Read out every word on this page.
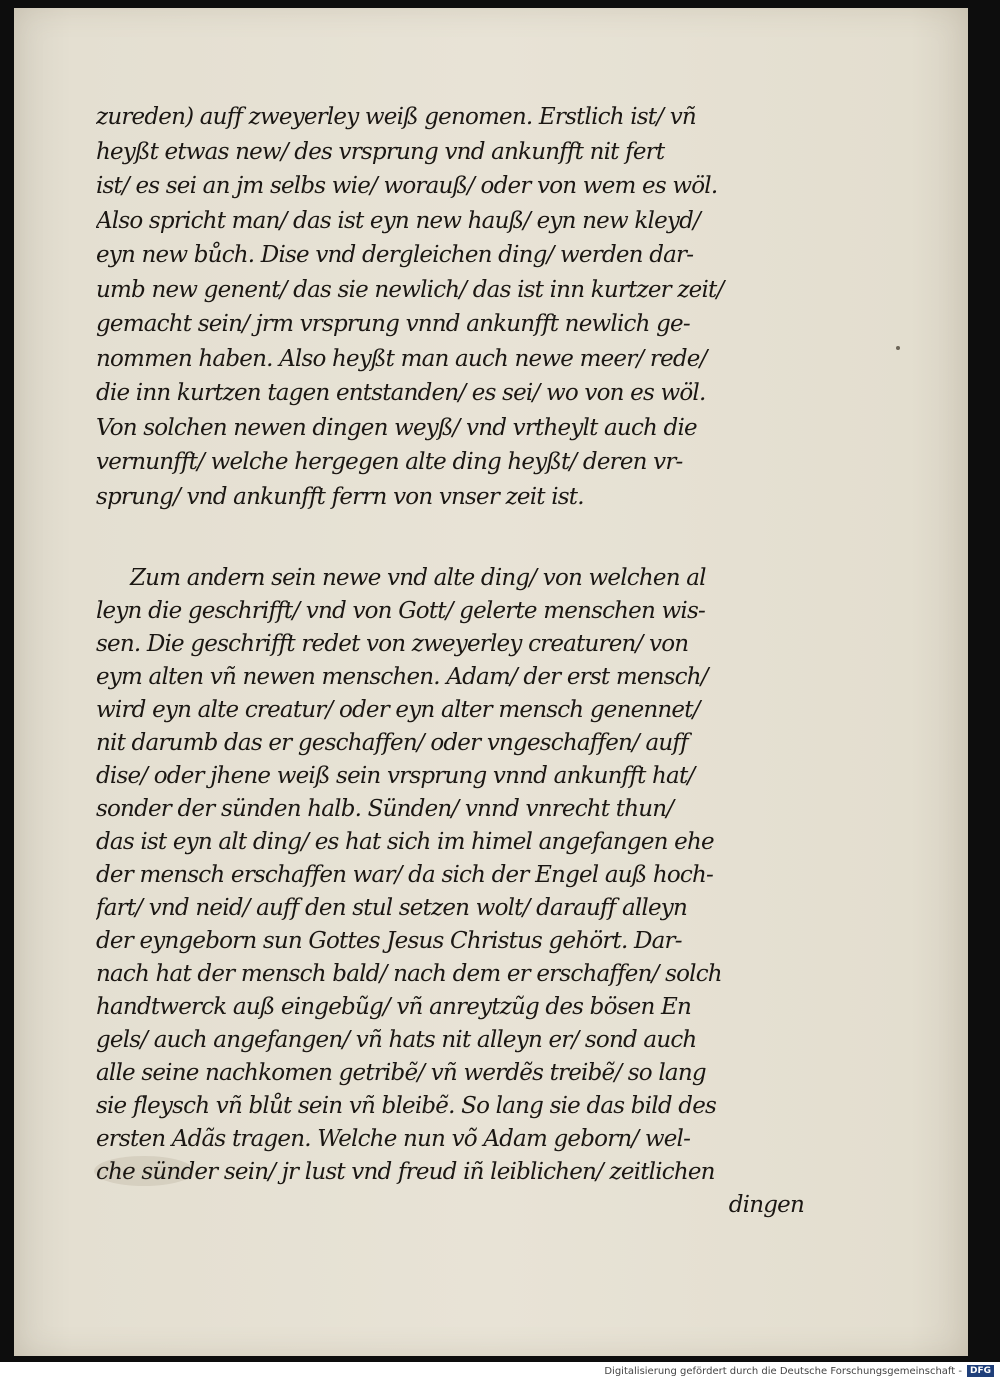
zureden) auff zweyerley weiß genomen. Erstlich ist/ vñ
heyßt etwas new/ des vrsprung vnd ankunfft nit fert
ist/ es sei an jm selbs wie/ worauß/ oder von wem es wöl.
Also spricht man/ das ist eyn new hauß/ eyn new kleyd/
eyn new bůch. Dise vnd dergleichen ding/ werden dar-
umb new genent/ das sie newlich/ das ist inn kurtzer zeit/
gemacht sein/ jrm vrsprung vnnd ankunfft newlich ge-
nommen haben. Also heyßt man auch newe meer/ rede/
die inn kurtzen tagen entstanden/ es sei/ wo von es wöl.
Von solchen newen dingen weyß/ vnd vrtheylt auch die
vernunfft/ welche hergegen alte ding heyßt/ deren vr-
sprung/ vnd ankunfft ferrn von vnser zeit ist.
Zum andern sein newe vnd alte ding/ von welchen al
leyn die geschrifft/ vnd von Gott/ gelerte menschen wis-
sen. Die geschrifft redet von zweyerley creaturen/ von
eym alten vñ newen menschen. Adam/ der erst mensch/
wird eyn alte creatur/ oder eyn alter mensch genennet/
nit darumb das er geschaffen/ oder vngeschaffen/ auff
dise/ oder jhene weiß sein vrsprung vnnd ankunfft hat/
sonder der sünden halb. Sünden/ vnnd vnrecht thun/
das ist eyn alt ding/ es hat sich im himel angefangen ehe
der mensch erschaffen war/ da sich der Engel auß hoch-
fart/ vnd neid/ auff den stul setzen wolt/ darauff alleyn
der eyngeborn sun Gottes Jesus Christus gehört. Dar-
nach hat der mensch bald/ nach dem er erschaffen/ solch
handtwerck auß eingebũg/ vñ anreytzũg des bösen En
gels/ auch angefangen/ vñ hats nit alleyn er/ sond auch
alle seine nachkomen getribẽ/ vñ werdẽs treibẽ/ so lang
sie fleysch vñ blůt sein vñ bleibẽ. So lang sie das bild des
ersten Adãs tragen. Welche nun võ Adam geborn/ wel-
che sünder sein/ jr lust vnd freud iñ leiblichen/ zeitlichen
dingen
Digitalisierung gefördert durch die Deutsche Forschungsgemeinschaft - DFG
